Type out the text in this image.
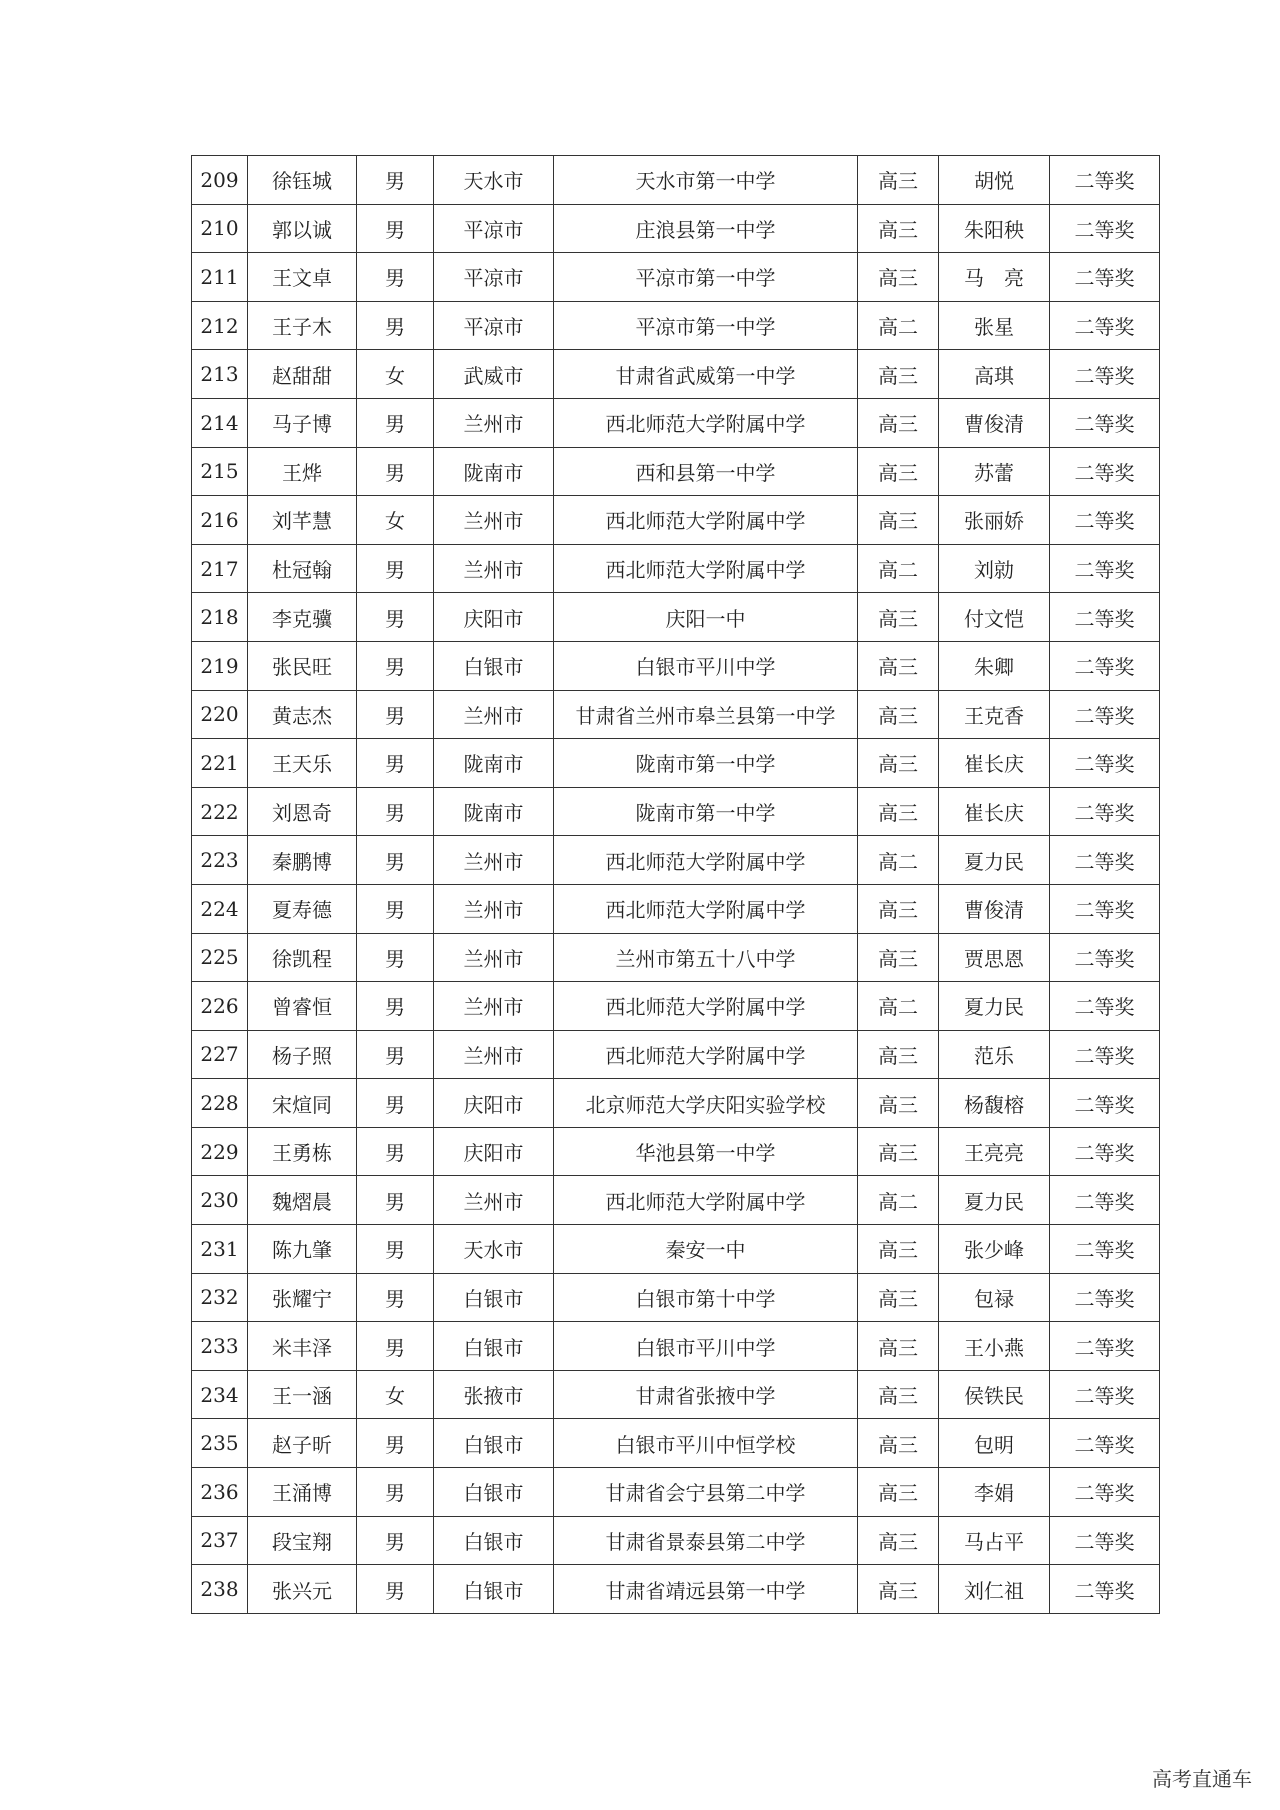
209	徐钰城	男	天水市	天水市第一中学	高三	胡悦	二等奖
210	郭以诚	男	平凉市	庄浪县第一中学	高三	朱阳秧	二等奖
211	王文卓	男	平凉市	平凉市第一中学	高三	马　亮	二等奖
212	王子木	男	平凉市	平凉市第一中学	高二	张星	二等奖
213	赵甜甜	女	武威市	甘肃省武威第一中学	高三	高琪	二等奖
214	马子博	男	兰州市	西北师范大学附属中学	高三	曹俊清	二等奖
215	王烨	男	陇南市	西和县第一中学	高三	苏蕾	二等奖
216	刘芊慧	女	兰州市	西北师范大学附属中学	高三	张丽娇	二等奖
217	杜冠翰	男	兰州市	西北师范大学附属中学	高二	刘勍	二等奖
218	李克骥	男	庆阳市	庆阳一中	高三	付文恺	二等奖
219	张民旺	男	白银市	白银市平川中学	高三	朱卿	二等奖
220	黄志杰	男	兰州市	甘肃省兰州市皋兰县第一中学	高三	王克香	二等奖
221	王天乐	男	陇南市	陇南市第一中学	高三	崔长庆	二等奖
222	刘恩奇	男	陇南市	陇南市第一中学	高三	崔长庆	二等奖
223	秦鹏博	男	兰州市	西北师范大学附属中学	高二	夏力民	二等奖
224	夏寿德	男	兰州市	西北师范大学附属中学	高三	曹俊清	二等奖
225	徐凯程	男	兰州市	兰州市第五十八中学	高三	贾思恩	二等奖
226	曾睿恒	男	兰州市	西北师范大学附属中学	高二	夏力民	二等奖
227	杨子照	男	兰州市	西北师范大学附属中学	高三	范乐	二等奖
228	宋煊同	男	庆阳市	北京师范大学庆阳实验学校	高三	杨馥榕	二等奖
229	王勇栋	男	庆阳市	华池县第一中学	高三	王亮亮	二等奖
230	魏熠晨	男	兰州市	西北师范大学附属中学	高二	夏力民	二等奖
231	陈九肇	男	天水市	秦安一中	高三	张少峰	二等奖
232	张耀宁	男	白银市	白银市第十中学	高三	包禄	二等奖
233	米丰泽	男	白银市	白银市平川中学	高三	王小燕	二等奖
234	王一涵	女	张掖市	甘肃省张掖中学	高三	侯铁民	二等奖
235	赵子昕	男	白银市	白银市平川中恒学校	高三	包明	二等奖
236	王涌博	男	白银市	甘肃省会宁县第二中学	高三	李娟	二等奖
237	段宝翔	男	白银市	甘肃省景泰县第二中学	高三	马占平	二等奖
238	张兴元	男	白银市	甘肃省靖远县第一中学	高三	刘仁祖	二等奖
高考直通车
